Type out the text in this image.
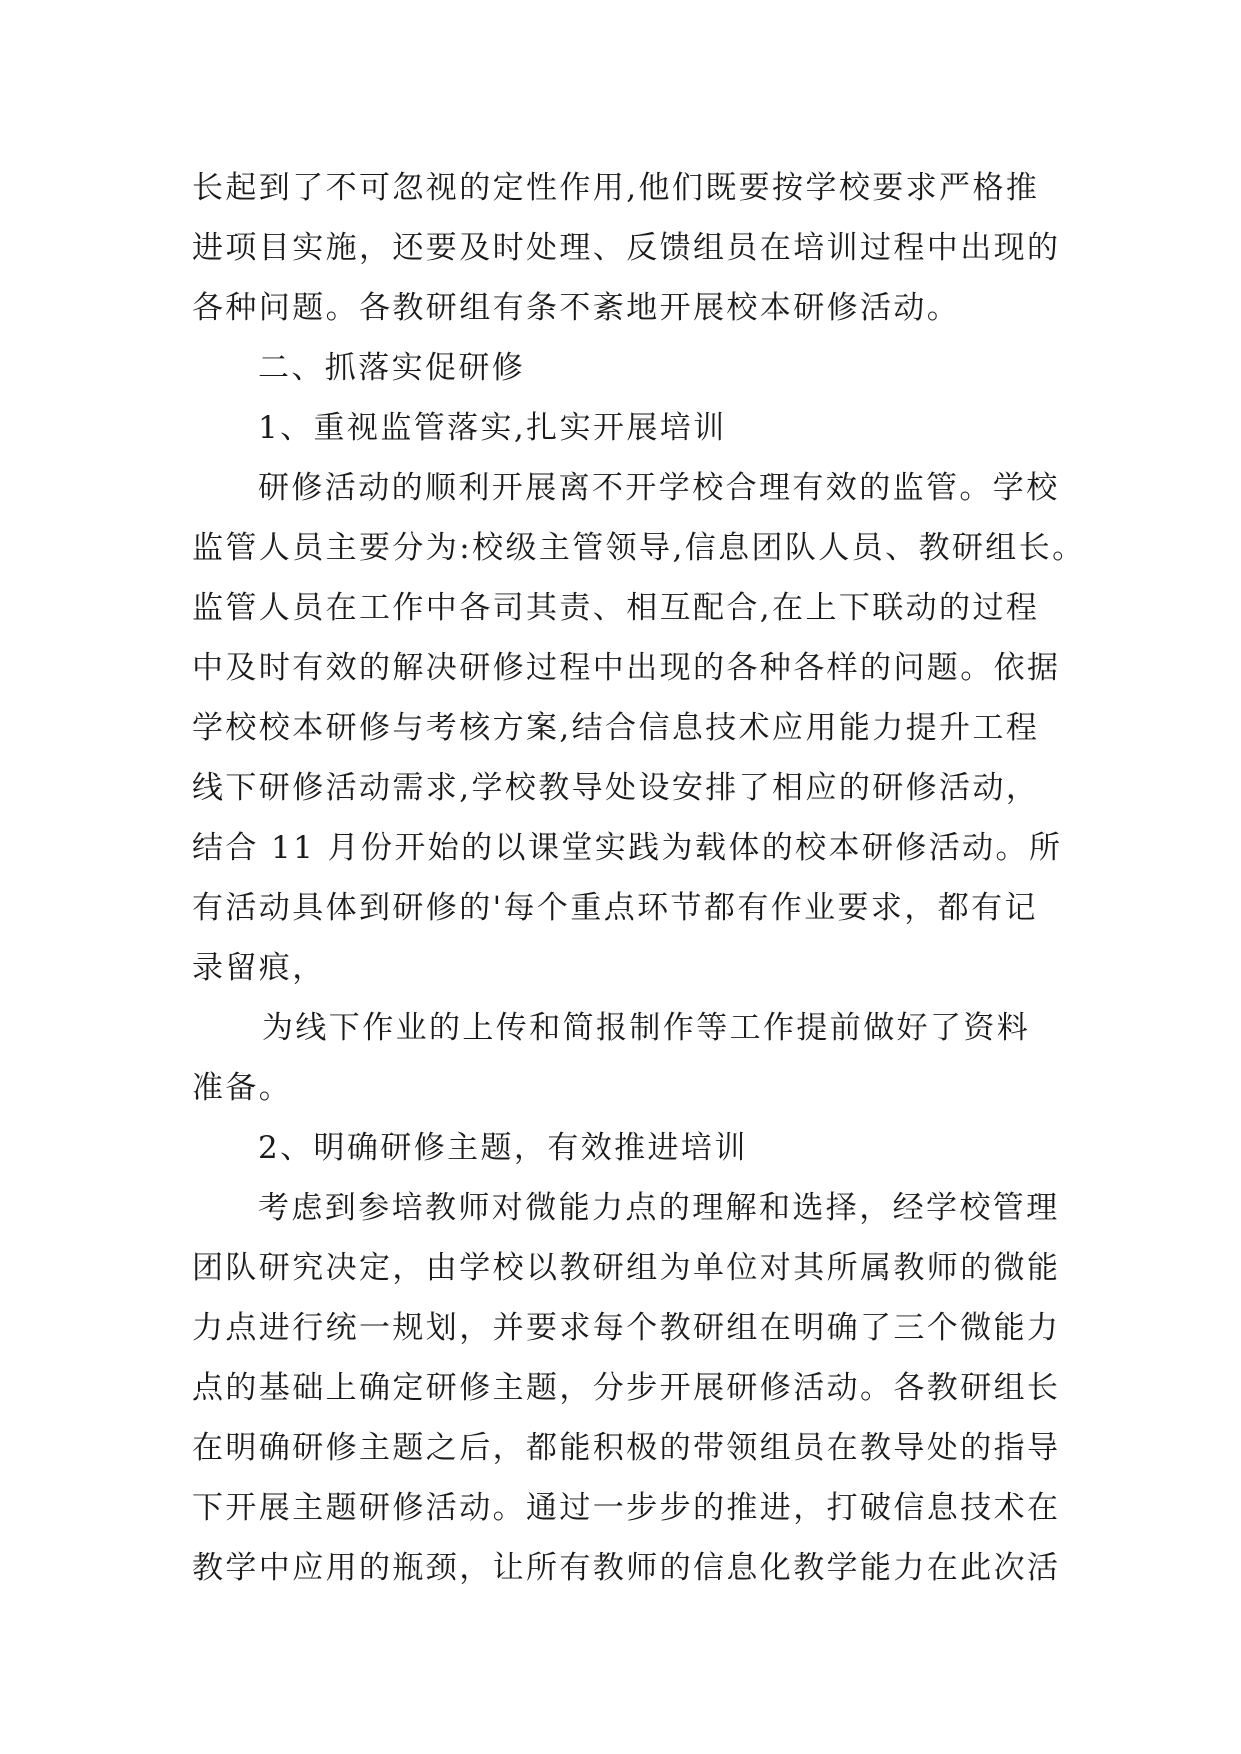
长起到了不可忽视的定性作用,他们既要按学校要求严格推
进项目实施，还要及时处理、反馈组员在培训过程中出现的
各种问题。各教研组有条不紊地开展校本研修活动。
二、抓落实促研修
1、重视监管落实,扎实开展培训
研修活动的顺利开展离不开学校合理有效的监管。学校
监管人员主要分为:校级主管领导,信息团队人员、教研组长。
监管人员在工作中各司其责、相互配合,在上下联动的过程
中及时有效的解决研修过程中出现的各种各样的问题。依据
学校校本研修与考核方案,结合信息技术应用能力提升工程
线下研修活动需求,学校教导处设安排了相应的研修活动，
结合 11 月份开始的以课堂实践为载体的校本研修活动。所
有活动具体到研修的'每个重点环节都有作业要求，都有记
录留痕，
为线下作业的上传和简报制作等工作提前做好了资料
准备。
2、明确研修主题，有效推进培训
考虑到参培教师对微能力点的理解和选择，经学校管理
团队研究决定，由学校以教研组为单位对其所属教师的微能
力点进行统一规划，并要求每个教研组在明确了三个微能力
点的基础上确定研修主题，分步开展研修活动。各教研组长
在明确研修主题之后，都能积极的带领组员在教导处的指导
下开展主题研修活动。通过一步步的推进，打破信息技术在
教学中应用的瓶颈，让所有教师的信息化教学能力在此次活
